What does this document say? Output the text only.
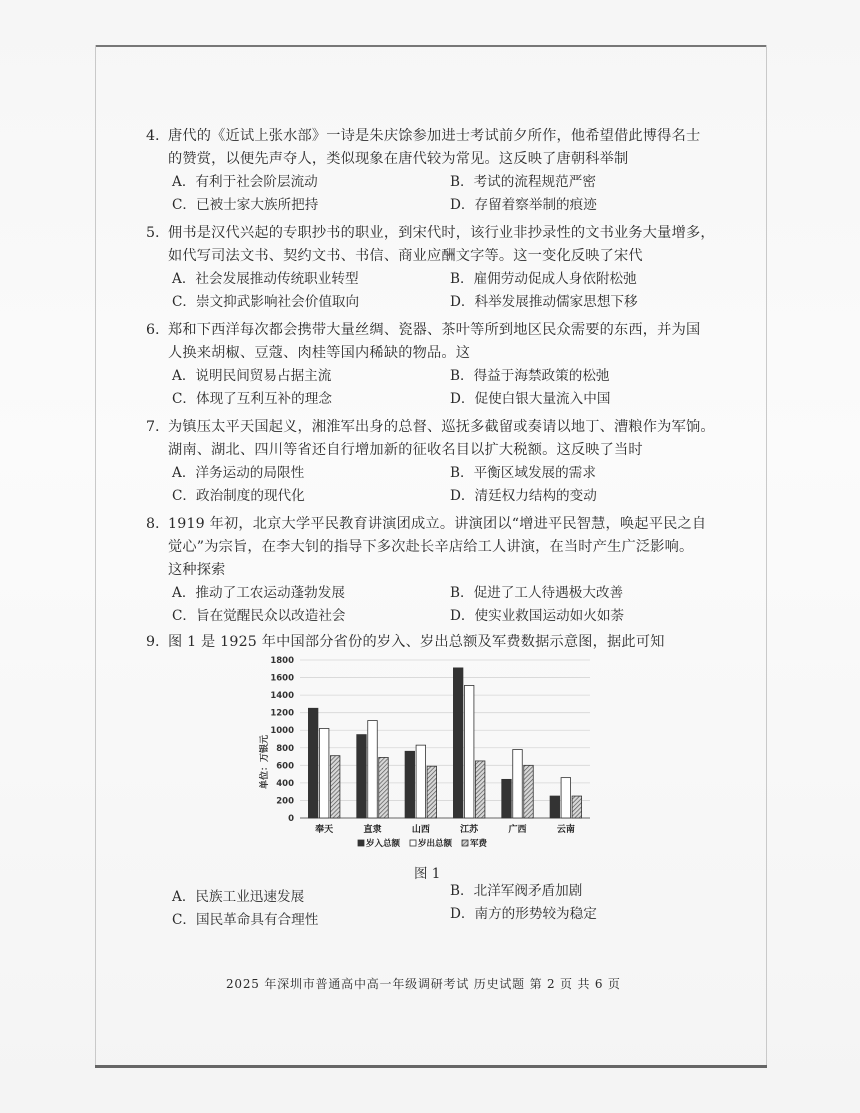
4. 唐代的《近试上张水部》一诗是朱庆馀参加进士考试前夕所作，他希望借此博得名士
的赞赏，以便先声夺人，类似现象在唐代较为常见。这反映了唐朝科举制
A．有利于社会阶层流动	B．考试的流程规范严密
C．已被士家大族所把持	D．存留着察举制的痕迹
5. 佣书是汉代兴起的专职抄书的职业，到宋代时，该行业非抄录性的文书业务大量增多，
如代写司法文书、契约文书、书信、商业应酬文字等。这一变化反映了宋代
A．社会发展推动传统职业转型	B．雇佣劳动促成人身依附松弛
C．崇文抑武影响社会价值取向	D．科举发展推动儒家思想下移
6. 郑和下西洋每次都会携带大量丝绸、瓷器、茶叶等所到地区民众需要的东西，并为国
人换来胡椒、豆蔻、肉桂等国内稀缺的物品。这
A．说明民间贸易占据主流	B．得益于海禁政策的松弛
C．体现了互利互补的理念	D．促使白银大量流入中国
7. 为镇压太平天国起义，湘淮军出身的总督、巡抚多截留或奏请以地丁、漕粮作为军饷。
湖南、湖北、四川等省还自行增加新的征收名目以扩大税额。这反映了当时
A．洋务运动的局限性	B．平衡区域发展的需求
C．政治制度的现代化	D．清廷权力结构的变动
8. 1919 年初，北京大学平民教育讲演团成立。讲演团以“增进平民智慧，唤起平民之自
觉心”为宗旨，在李大钊的指导下多次赴长辛店给工人讲演，在当时产生广泛影响。
这种探索
A．推动了工农运动蓬勃发展	B．促进了工人待遇极大改善
C．旨在觉醒民众以改造社会	D．使实业救国运动如火如荼
9. 图 1 是 1925 年中国部分省份的岁入、岁出总额及军费数据示意图，据此可知
0
200
400
600
800
1000
1200
1400
1600
1800
单位：万银元
奉天	直隶	山西	江苏	广西	云南
岁入总额 岁出总额 军费
图 1
A．民族工业迅速发展	B．北洋军阀矛盾加剧
C．国民革命具有合理性	D．南方的形势较为稳定
2025 年深圳市普通高中高一年级调研考试 历史试题 第 2 页 共 6 页
